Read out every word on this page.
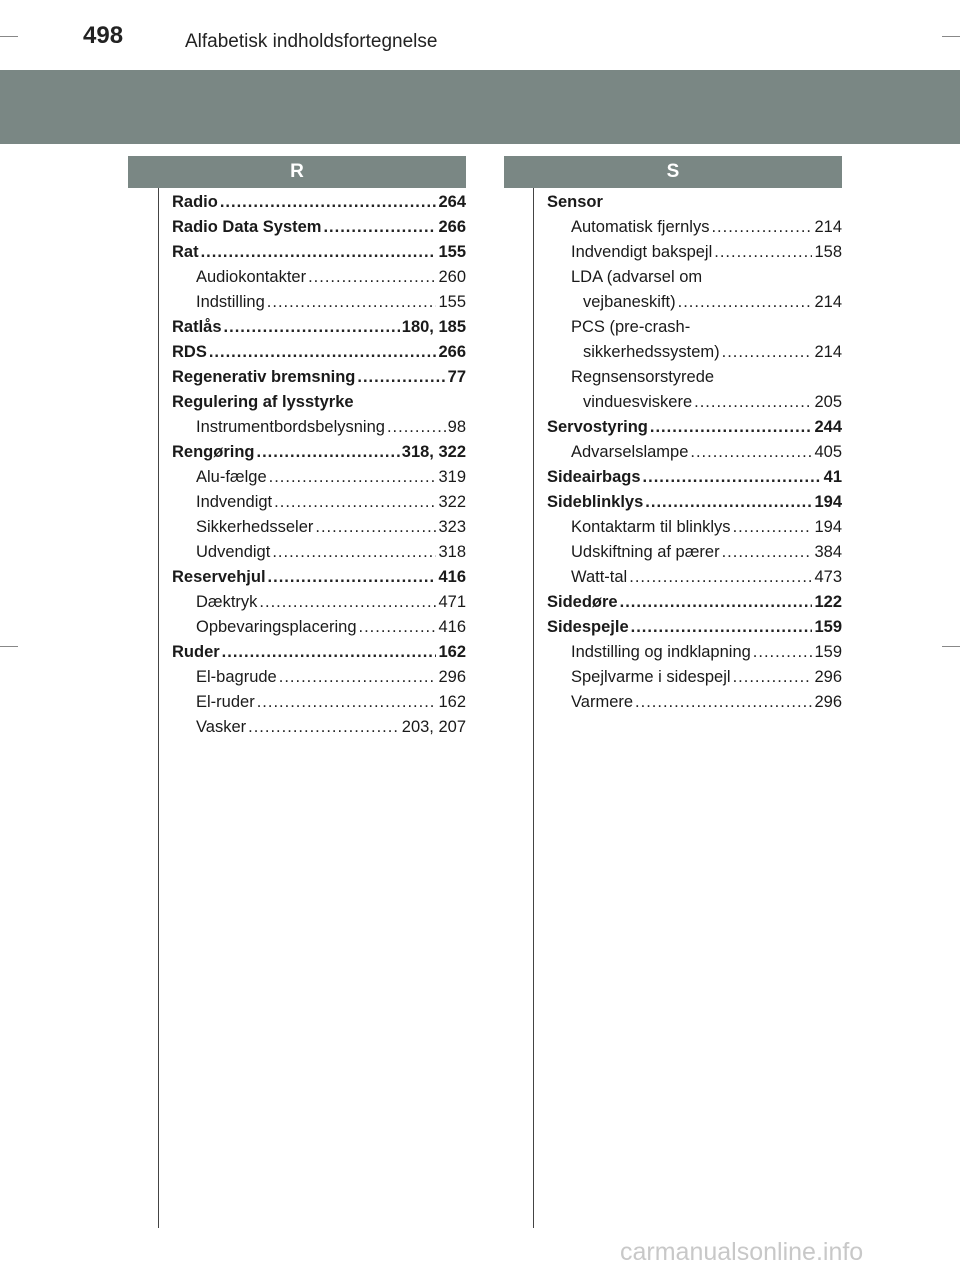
498	Alfabetisk indholdsfortegnelse
R	S
Radio .....	264
Radio Data System .....	266
Rat .....	155
Audiokontakter .....	260
Indstilling .....	155
Ratlås .....	180, 185
RDS .....	266
Regenerativ bremsning .....	77
Regulering af lysstyrke
Instrumentbordsbelysning .....	98
Rengøring .....	318, 322
Alu-fælge .....	319
Indvendigt .....	322
Sikkerhedsseler .....	323
Udvendigt .....	318
Reservehjul .....	416
Dæktryk .....	471
Opbevaringsplacering .....	416
Ruder .....	162
El-bagrude .....	296
El-ruder .....	162
Vasker .....	203, 207
Sensor
Automatisk fjernlys .....	214
Indvendigt bakspejl .....	158
LDA (advarsel om
vejbaneskift) .....	214
PCS (pre-crash-
sikkerhedssystem) .....	214
Regnsensorstyrede
vinduesviskere .....	205
Servostyring .....	244
Advarselslampe .....	405
Sideairbags .....	41
Sideblinklys .....	194
Kontaktarm til blinklys .....	194
Udskiftning af pærer .....	384
Watt-tal .....	473
Sidedøre .....	122
Sidespejle .....	159
Indstilling og indklapning .....	159
Spejlvarme i sidespejl .....	296
Varmere .....	296
carmanualsonline.info
